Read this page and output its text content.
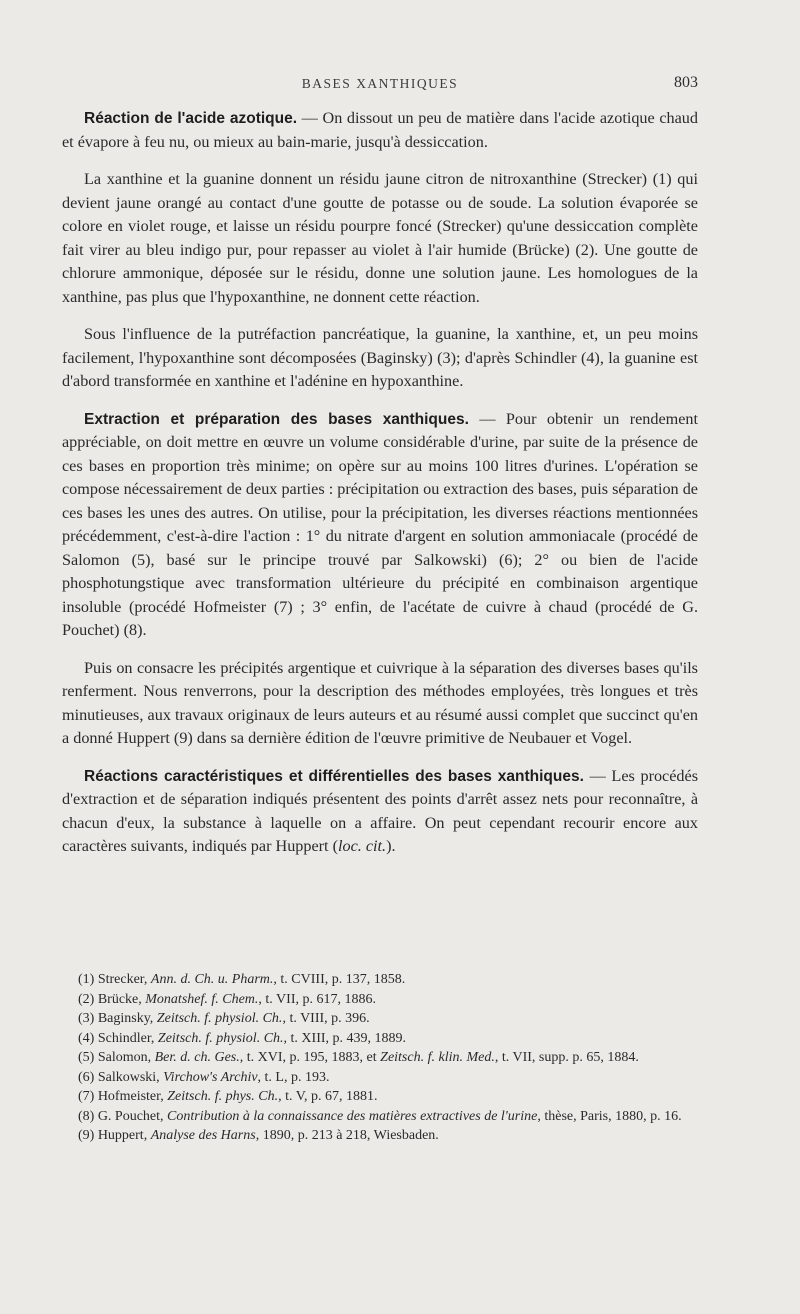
BASES XANTHIQUES	803

Réaction de l'acide azotique. — On dissout un peu de matière dans l'acide azotique chaud et évapore à feu nu, ou mieux au bain-marie, jusqu'à dessiccation.

La xanthine et la guanine donnent un résidu jaune citron de nitroxanthine (Strecker) (1) qui devient jaune orangé au contact d'une goutte de potasse ou de soude. La solution évaporée se colore en violet rouge, et laisse un résidu pourpre foncé (Strecker) qu'une dessiccation complète fait virer au bleu indigo pur, pour repasser au violet à l'air humide (Brücke) (2). Une goutte de chlorure ammonique, déposée sur le résidu, donne une solution jaune. Les homologues de la xanthine, pas plus que l'hypoxanthine, ne donnent cette réaction.

Sous l'influence de la putréfaction pancréatique, la guanine, la xanthine, et, un peu moins facilement, l'hypoxanthine sont décomposées (Baginsky) (3); d'après Schindler (4), la guanine est d'abord transformée en xanthine et l'adénine en hypoxanthine.

Extraction et préparation des bases xanthiques. — Pour obtenir un rendement appréciable, on doit mettre en œuvre un volume considérable d'urine, par suite de la présence de ces bases en proportion très minime; on opère sur au moins 100 litres d'urines. L'opération se compose nécessairement de deux parties : précipitation ou extraction des bases, puis séparation de ces bases les unes des autres. On utilise, pour la précipitation, les diverses réactions mentionnées précédemment, c'est-à-dire l'action : 1° du nitrate d'argent en solution ammoniacale (procédé de Salomon (5), basé sur le principe trouvé par Salkowski) (6); 2° ou bien de l'acide phosphotungstique avec transformation ultérieure du précipité en combinaison argentique insoluble (procédé Hofmeister (7) ; 3° enfin, de l'acétate de cuivre à chaud (procédé de G. Pouchet) (8).

Puis on consacre les précipités argentique et cuivrique à la séparation des diverses bases qu'ils renferment. Nous renverrons, pour la description des méthodes employées, très longues et très minutieuses, aux travaux originaux de leurs auteurs et au résumé aussi complet que succinct qu'en a donné Huppert (9) dans sa dernière édition de l'œuvre primitive de Neubauer et Vogel.

Réactions caractéristiques et différentielles des bases xanthiques. — Les procédés d'extraction et de séparation indiqués présentent des points d'arrêt assez nets pour reconnaître, à chacun d'eux, la substance à laquelle on a affaire. On peut cependant recourir encore aux caractères suivants, indiqués par Huppert (loc. cit.).

(1) Strecker, Ann. d. Ch. u. Pharm., t. CVIII, p. 137, 1858.

(2) Brücke, Monatshef. f. Chem., t. VII, p. 617, 1886.

(3) Baginsky, Zeitsch. f. physiol. Ch., t. VIII, p. 396.

(4) Schindler, Zeitsch. f. physiol. Ch., t. XIII, p. 439, 1889.

(5) Salomon, Ber. d. ch. Ges., t. XVI, p. 195, 1883, et Zeitsch. f. klin. Med., t. VII, supp. p. 65, 1884.

(6) Salkowski, Virchow's Archiv, t. L, p. 193.

(7) Hofmeister, Zeitsch. f. phys. Ch., t. V, p. 67, 1881.

(8) G. Pouchet, Contribution à la connaissance des matières extractives de l'urine, thèse, Paris, 1880, p. 16.

(9) Huppert, Analyse des Harns, 1890, p. 213 à 218, Wiesbaden.
